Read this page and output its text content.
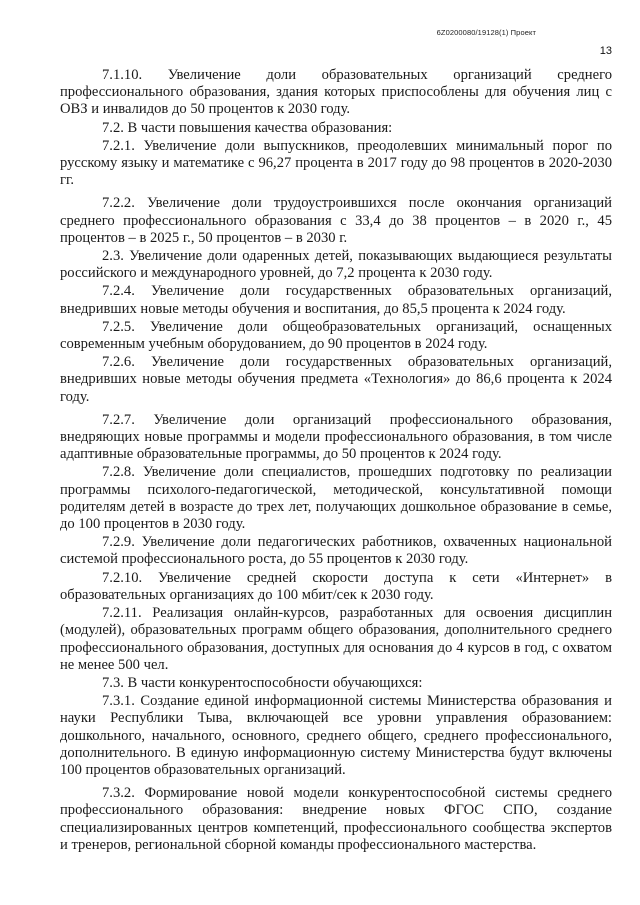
6Z0200080/19128(1) Проект
13

7.1.10. Увеличение доли образовательных организаций среднего профессионального образования, здания которых приспособлены для обучения лиц с ОВЗ и инвалидов до 50 процентов к 2030 году.

7.2. В части повышения качества образования:

7.2.1. Увеличение доли выпускников, преодолевших минимальный порог по русскому языку и математике с 96,27 процента в 2017 году до 98 процентов в 2020-2030 гг.

7.2.2. Увеличение доли трудоустроившихся после окончания организаций среднего профессионального образования с 33,4 до 38 процентов – в 2020 г., 45 процентов – в 2025 г., 50 процентов – в 2030 г.

2.3. Увеличение доли одаренных детей, показывающих выдающиеся результаты российского и международного уровней, до 7,2 процента к 2030 году.

7.2.4. Увеличение доли государственных образовательных организаций, внедривших новые методы обучения и воспитания, до 85,5 процента к 2024 году.

7.2.5. Увеличение доли общеобразовательных организаций, оснащенных современным учебным оборудованием, до 90 процентов в 2024 году.

7.2.6. Увеличение доли государственных образовательных организаций, внедривших новые методы обучения предмета «Технология» до 86,6 процента к 2024 году.

7.2.7. Увеличение доли организаций профессионального образования, внедряющих новые программы и модели профессионального образования, в том числе адаптивные образовательные программы, до 50 процентов к 2024 году.

7.2.8. Увеличение доли специалистов, прошедших подготовку по реализации программы психолого-педагогической, методической, консультативной помощи родителям детей в возрасте до трех лет, получающих дошкольное образование в семье, до 100 процентов в 2030 году.

7.2.9. Увеличение доли педагогических работников, охваченных национальной системой профессионального роста, до 55 процентов к 2030 году.

7.2.10. Увеличение средней скорости доступа к сети «Интернет» в образовательных организациях до 100 мбит/сек к 2030 году.

7.2.11. Реализация онлайн-курсов, разработанных для освоения дисциплин (модулей), образовательных программ общего образования, дополнительного среднего профессионального образования, доступных для основания до 4 курсов в год, с охватом не менее 500 чел.

7.3. В части конкурентоспособности обучающихся:

7.3.1. Создание единой информационной системы Министерства образования и науки Республики Тыва, включающей все уровни управления образованием: дошкольного, начального, основного, среднего общего, среднего профессионального, дополнительного. В единую информационную систему Министерства будут включены 100 процентов образовательных организаций.

7.3.2. Формирование новой модели конкурентоспособной системы среднего профессионального образования: внедрение новых ФГОС СПО, создание специализированных центров компетенций, профессионального сообщества экспертов и тренеров, региональной сборной команды профессионального мастерства.
